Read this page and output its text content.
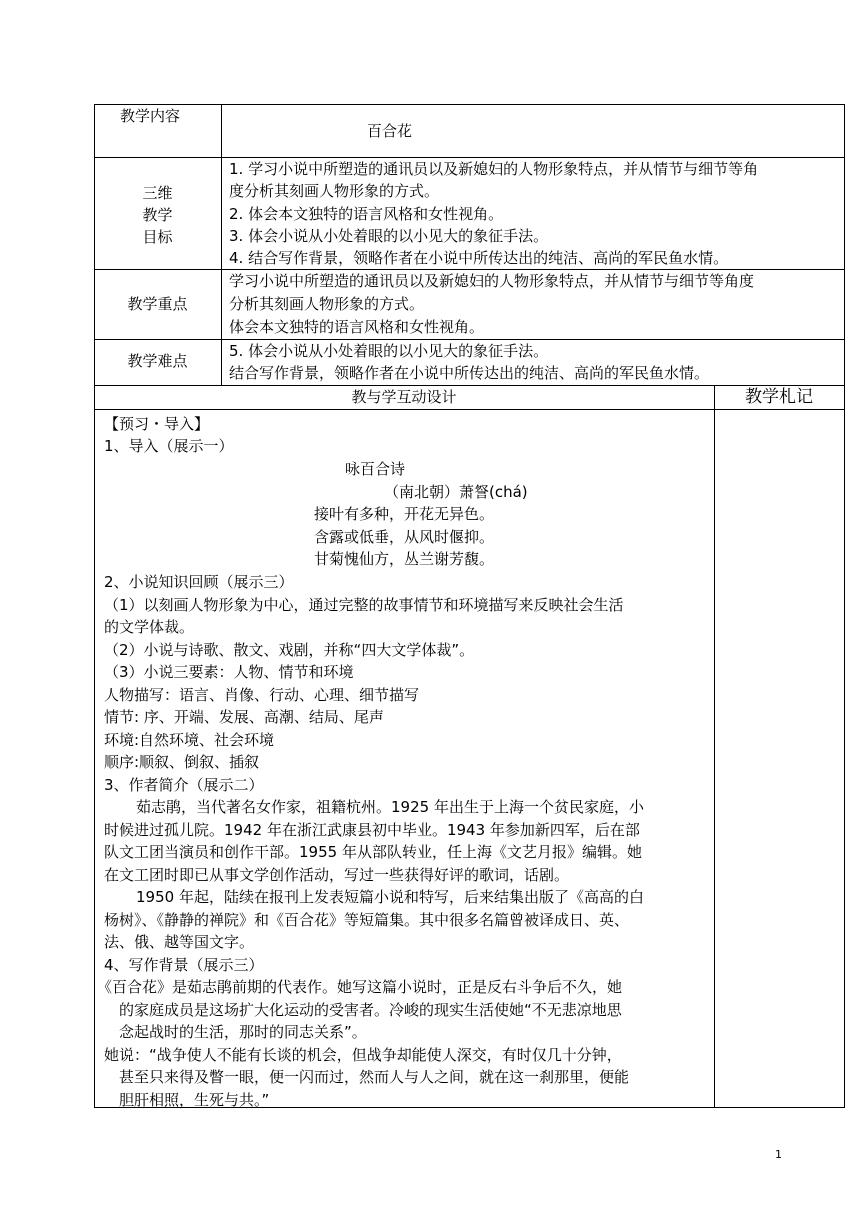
教学内容
百合花
三维
教学
目标
1. 学习小说中所塑造的通讯员以及新媳妇的人物形象特点，并从情节与细节等角
度分析其刻画人物形象的方式。
2. 体会本文独特的语言风格和女性视角。
3. 体会小说从小处着眼的以小见大的象征手法。
4. 结合写作背景，领略作者在小说中所传达出的纯洁、高尚的军民鱼水情。
教学重点
学习小说中所塑造的通讯员以及新媳妇的人物形象特点，并从情节与细节等角度
分析其刻画人物形象的方式。
体会本文独特的语言风格和女性视角。
教学难点
5. 体会小说从小处着眼的以小见大的象征手法。
结合写作背景，领略作者在小说中所传达出的纯洁、高尚的军民鱼水情。
教与学互动设计	教学札记
【预习・导入】
1、导入（展示一）
咏百合诗
（南北朝）萧詧(chá)
接叶有多种，开花无异色。
含露或低垂，从风时偃抑。
甘菊愧仙方，丛兰谢芳馥。
2、小说知识回顾（展示三）
（1）以刻画人物形象为中心，通过完整的故事情节和环境描写来反映社会生活
的文学体裁。
（2）小说与诗歌、散文、戏剧，并称“四大文学体裁”。
（3）小说三要素：人物、情节和环境
人物描写：语言、肖像、行动、心理、细节描写
情节: 序、开端、发展、高潮、结局、尾声
环境:自然环境、社会环境
顺序:顺叙、倒叙、插叙
3、作者简介（展示二）
茹志鹃，当代著名女作家，祖籍杭州。1925 年出生于上海一个贫民家庭，小
时候进过孤儿院。1942 年在浙江武康县初中毕业。1943 年参加新四军，后在部
队文工团当演员和创作干部。1955 年从部队转业，任上海《文艺月报》编辑。她
在文工团时即已从事文学创作活动，写过一些获得好评的歌词，话剧。
1950 年起，陆续在报刊上发表短篇小说和特写，后来结集出版了《高高的白
杨树》、《静静的禅院》和《百合花》等短篇集。其中很多名篇曾被译成日、英、
法、俄、越等国文字。
4、写作背景（展示三）
《百合花》是茹志鹃前期的代表作。她写这篇小说时，正是反右斗争后不久，她
的家庭成员是这场扩大化运动的受害者。冷峻的现实生活使她“不无悲凉地思
念起战时的生活，那时的同志关系”。
她说：“战争使人不能有长谈的机会，但战争却能使人深交，有时仅几十分钟，
甚至只来得及瞥一眼，便一闪而过，然而人与人之间，就在这一刹那里，便能
胆肝相照，生死与共。”
1
